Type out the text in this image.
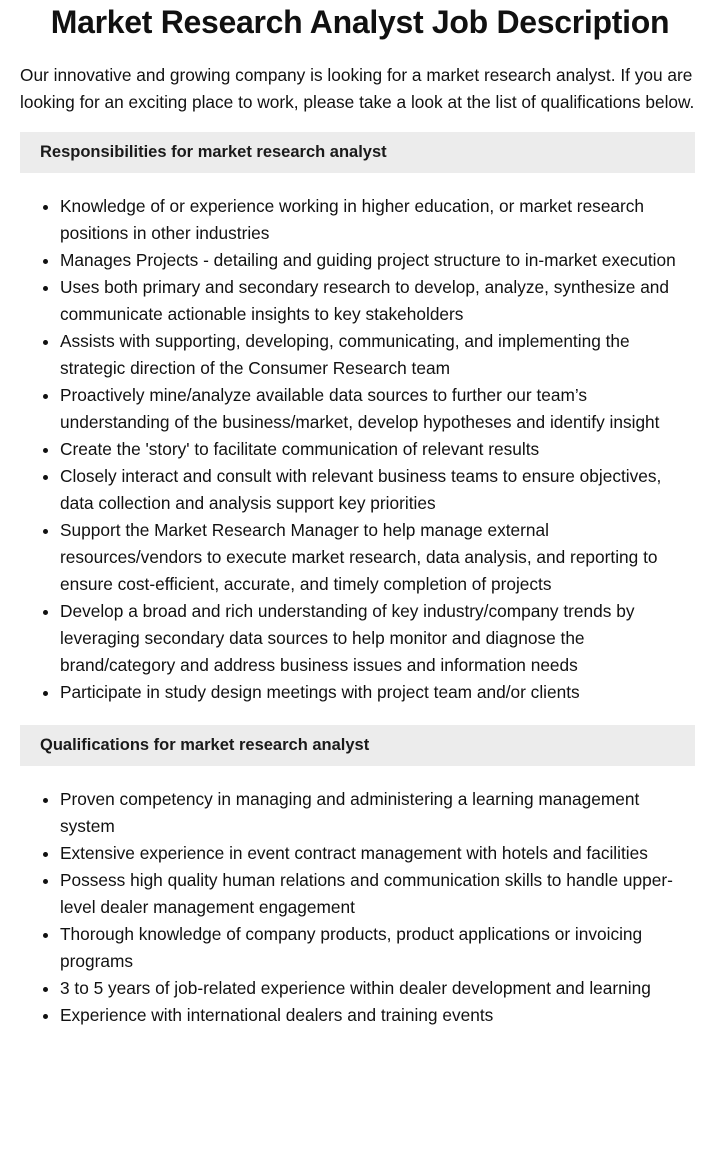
Market Research Analyst Job Description

Our innovative and growing company is looking for a market research analyst. If you are looking for an exciting place to work, please take a look at the list of qualifications below.

Responsibilities for market research analyst
• Knowledge of or experience working in higher education, or market research positions in other industries
• Manages Projects - detailing and guiding project structure to in-market execution
• Uses both primary and secondary research to develop, analyze, synthesize and communicate actionable insights to key stakeholders
• Assists with supporting, developing, communicating, and implementing the strategic direction of the Consumer Research team
• Proactively mine/analyze available data sources to further our team’s understanding of the business/market, develop hypotheses and identify insight
• Create the 'story' to facilitate communication of relevant results
• Closely interact and consult with relevant business teams to ensure objectives, data collection and analysis support key priorities
• Support the Market Research Manager to help manage external resources/vendors to execute market research, data analysis, and reporting to ensure cost-efficient, accurate, and timely completion of projects
• Develop a broad and rich understanding of key industry/company trends by leveraging secondary data sources to help monitor and diagnose the brand/category and address business issues and information needs
• Participate in study design meetings with project team and/or clients
Qualifications for market research analyst
• Proven competency in managing and administering a learning management system
• Extensive experience in event contract management with hotels and facilities
• Possess high quality human relations and communication skills to handle upper-level dealer management engagement
• Thorough knowledge of company products, product applications or invoicing programs
• 3 to 5 years of job-related experience within dealer development and learning
• Experience with international dealers and training events
